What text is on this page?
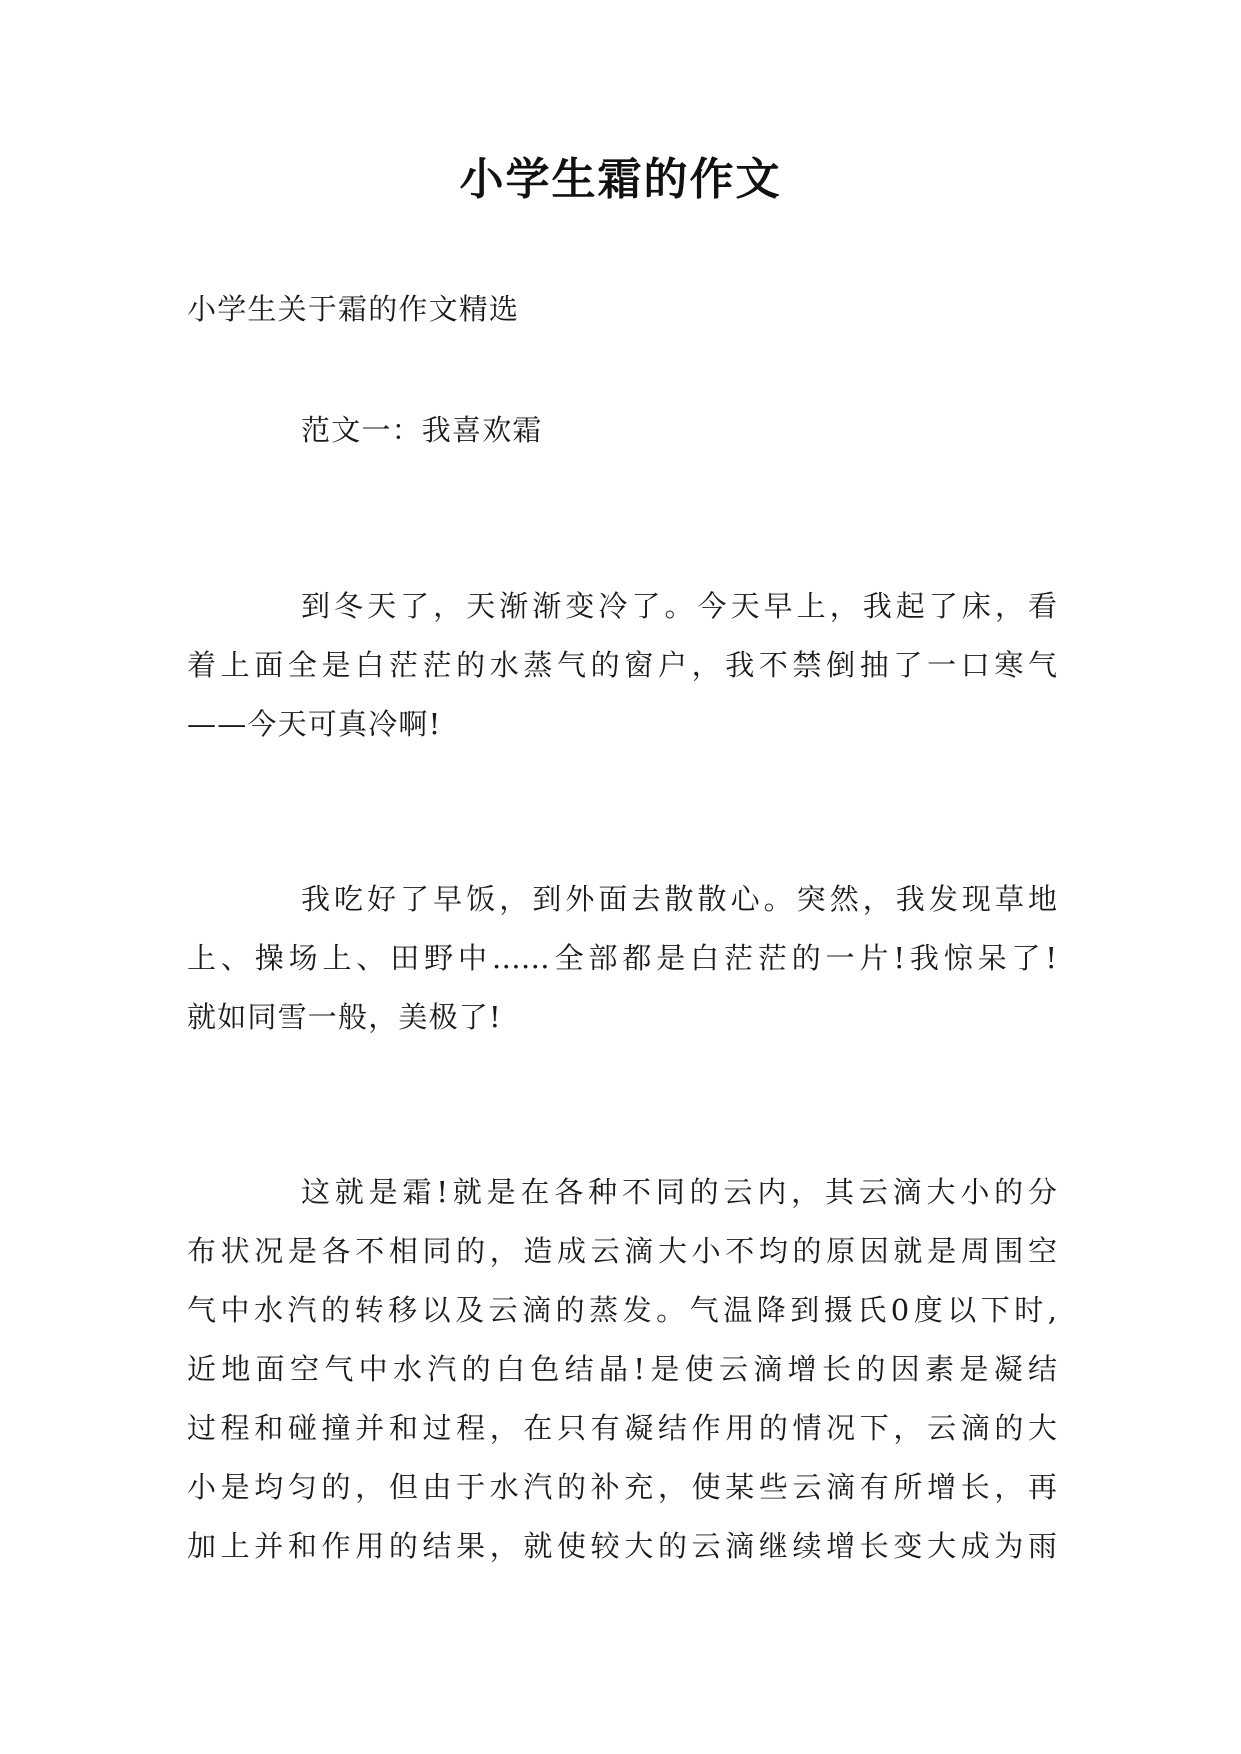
小学生霜的作文
小学生关于霜的作文精选
范文一：我喜欢霜
到冬天了，天渐渐变冷了。今天早上，我起了床，看
着上面全是白茫茫的水蒸气的窗户，我不禁倒抽了一口寒气
——今天可真冷啊!
我吃好了早饭，到外面去散散心。突然，我发现草地
上、操场上、田野中……全部都是白茫茫的一片!我惊呆了!
就如同雪一般，美极了!
这就是霜!就是在各种不同的云内，其云滴大小的分
布状况是各不相同的，造成云滴大小不均的原因就是周围空
气中水汽的转移以及云滴的蒸发。气温降到摄氏0度以下时,
近地面空气中水汽的白色结晶!是使云滴增长的因素是凝结
过程和碰撞并和过程，在只有凝结作用的情况下，云滴的大
小是均匀的，但由于水汽的补充，使某些云滴有所增长，再
加上并和作用的结果，就使较大的云滴继续增长变大成为雨
